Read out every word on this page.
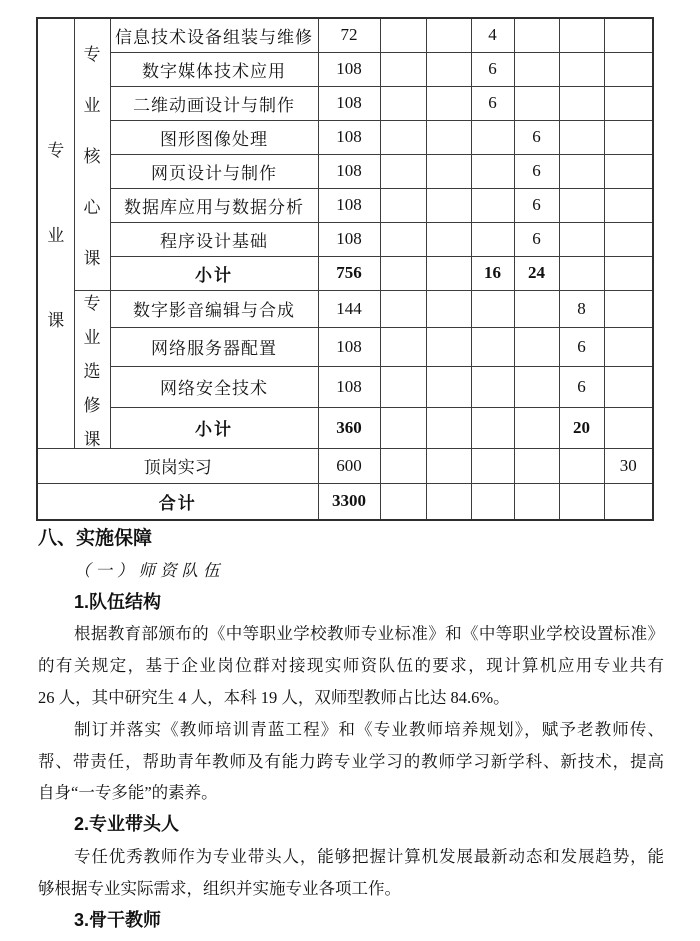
专
业
课	专
业
核
心
课	信息技术设备组装与维修	72			4			
		数字媒体技术应用	108			6			
		二维动画设计与制作	108			6			
		图形图像处理	108				6		
		网页设计与制作	108				6		
		数据库应用与数据分析	108				6		
		程序设计基础	108				6		
		小计	756			16	24		

	专
业
选
修
课	数字影音编辑与合成	144					8	
		网络服务器配置	108					6	
		网络安全技术	108					6	
		小计	360					20	
顶岗实习			600						30
合计			3300						
八、实施保障
（一）师资队伍
1.队伍结构
根据教育部颁布的《中等职业学校教师专业标准》和《中等职业学校设置标准》
的有关规定，基于企业岗位群对接现实师资队伍的要求，现计算机应用专业共有
26 人，其中研究生 4 人，本科 19 人，双师型教师占比达 84.6%。
制订并落实《教师培训青蓝工程》和《专业教师培养规划》，赋予老教师传、
帮、带责任，帮助青年教师及有能力跨专业学习的教师学习新学科、新技术，提高
自身“一专多能”的素养。
2.专业带头人
专任优秀教师作为专业带头人，能够把握计算机发展最新动态和发展趋势，能
够根据专业实际需求，组织并实施专业各项工作。
3.骨干教师
